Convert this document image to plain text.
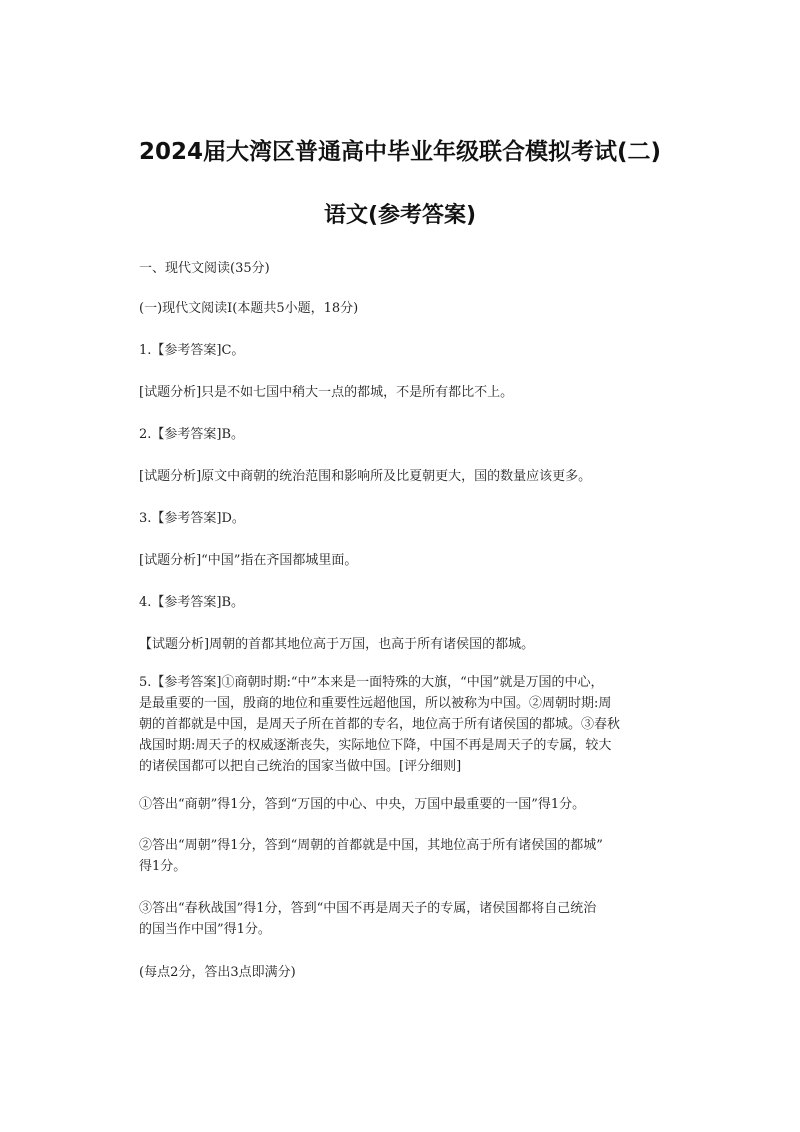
2024届大湾区普通高中毕业年级联合模拟考试(二)
语文(参考答案)

一、现代文阅读(35分)

(一)现代文阅读I(本题共5小题，18分)

1.【参考答案]C。

[试题分析]只是不如七国中稍大一点的都城，不是所有都比不上。

2.【参考答案]B。

[试题分析]原文中商朝的统治范围和影响所及比夏朝更大，国的数量应该更多。

3.【参考答案]D。

[试题分析]“中国”指在齐国都城里面。

4.【参考答案]B。

【试题分析]周朝的首都其地位高于万国，也高于所有诸侯国的都城。

5.【参考答案]①商朝时期:“中”本来是一面特殊的大旗，“中国”就是万国的中心，
是最重要的一国，殷商的地位和重要性远超他国，所以被称为中国。②周朝时期:周
朝的首都就是中国，是周天子所在首都的专名，地位高于所有诸侯国的都城。③春秋
战国时期:周天子的权威逐渐丧失，实际地位下降，中国不再是周天子的专属，较大
的诸侯国都可以把自己统治的国家当做中国。[评分细则]
①答出“商朝”得1分，答到“万国的中心、中央，万国中最重要的一国”得1分。
②答出“周朝”得1分，答到“周朝的首都就是中国，其地位高于所有诸侯国的都城”
得1分。
③答出“春秋战国”得1分，答到“中国不再是周天子的专属，诸侯国都将自己统治
的国当作中国”得1分。

(每点2分，答出3点即满分)
